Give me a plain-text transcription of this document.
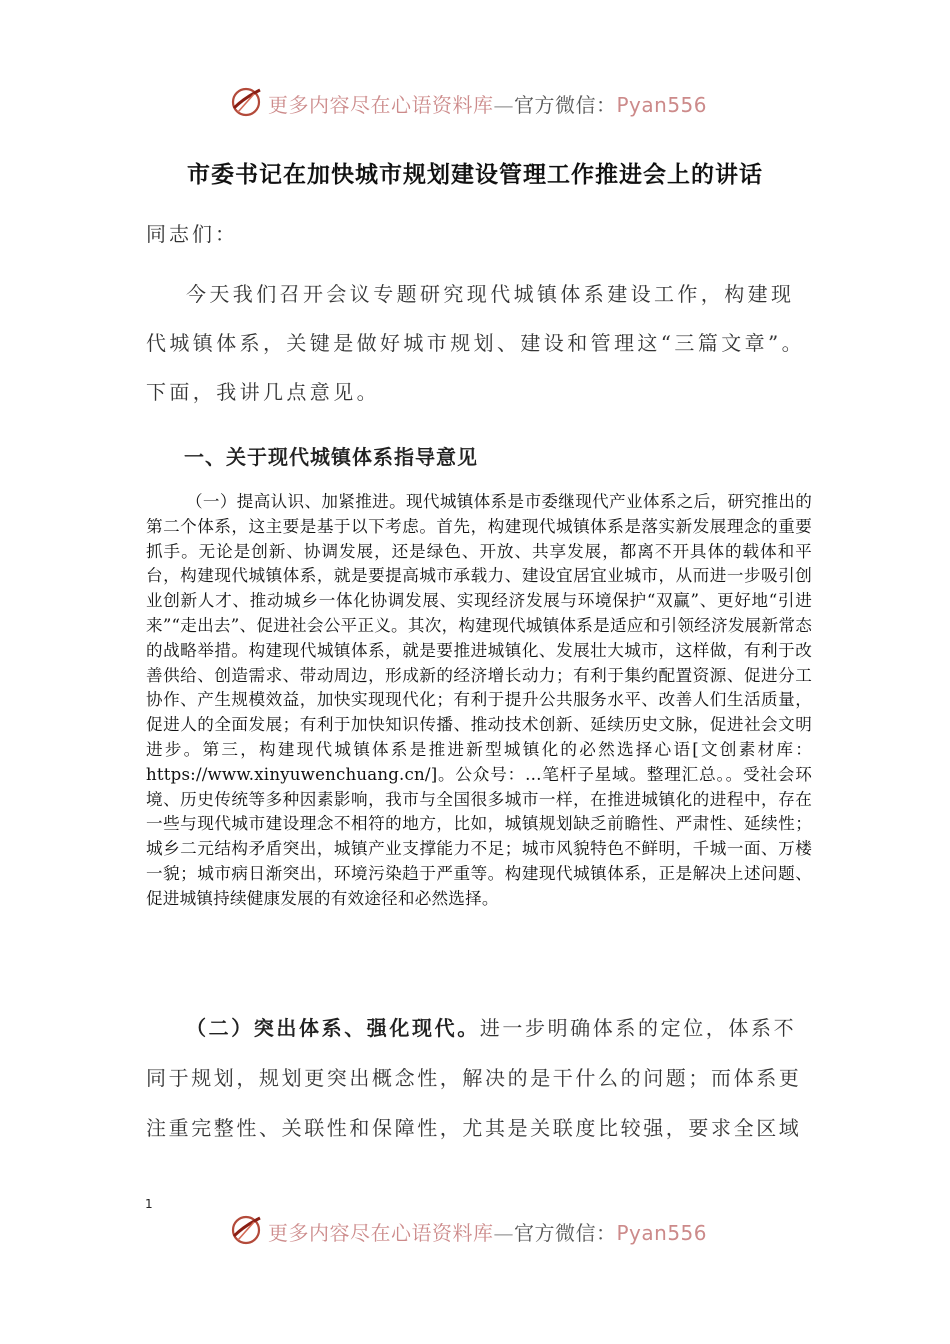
更多内容尽在心语资料库—官方微信：Pyan556
市委书记在加快城市规划建设管理工作推进会上的讲话
同志们：
今天我们召开会议专题研究现代城镇体系建设工作，构建现代城镇体系，关键是做好城市规划、建设和管理这“三篇文章”。下面，我讲几点意见。
一、关于现代城镇体系指导意见
（一）提高认识、加紧推进。现代城镇体系是市委继现代产业体系之后，研究推出的第二个体系，这主要是基于以下考虑。首先，构建现代城镇体系是落实新发展理念的重要抓手。无论是创新、协调发展，还是绿色、开放、共享发展，都离不开具体的载体和平台，构建现代城镇体系，就是要提高城市承载力、建设宜居宜业城市，从而进一步吸引创业创新人才、推动城乡一体化协调发展、实现经济发展与环境保护“双赢”、更好地“引进来”“走出去”、促进社会公平正义。其次，构建现代城镇体系是适应和引领经济发展新常态的战略举措。构建现代城镇体系，就是要推进城镇化、发展壮大城市，这样做，有利于改善供给、创造需求、带动周边，形成新的经济增长动力；有利于集约配置资源、促进分工协作、产生规模效益，加快实现现代化；有利于提升公共服务水平、改善人们生活质量，促进人的全面发展；有利于加快知识传播、推动技术创新、延续历史文脉，促进社会文明进步。第三，构建现代城镇体系是推进新型城镇化的必然选择心语[文创素材库：https://www.xinyuwenchuang.cn/]。公众号：…笔杆子星域。整理汇总。。受社会环境、历史传统等多种因素影响，我市与全国很多城市一样，在推进城镇化的进程中，存在一些与现代城市建设理念不相符的地方，比如，城镇规划缺乏前瞻性、严肃性、延续性；城乡二元结构矛盾突出，城镇产业支撑能力不足；城市风貌特色不鲜明，千城一面、万楼一貌；城市病日渐突出，环境污染趋于严重等。构建现代城镇体系，正是解决上述问题、促进城镇持续健康发展的有效途径和必然选择。
（二）突出体系、强化现代。进一步明确体系的定位，体系不同于规划，规划更突出概念性，解决的是干什么的问题；而体系更注重完整性、关联性和保障性，尤其是关联度比较强，要求全区域
1
更多内容尽在心语资料库—官方微信：Pyan556
